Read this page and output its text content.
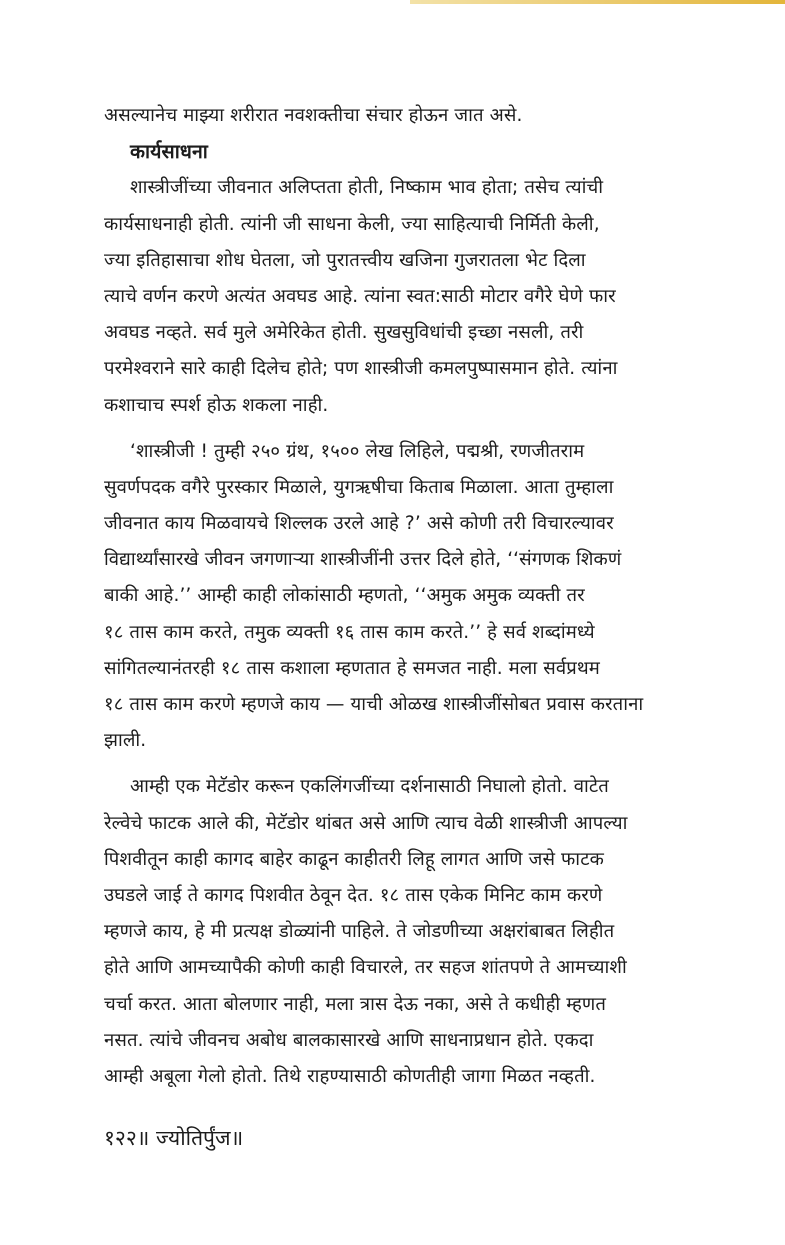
असल्यानेच माझ्या शरीरात नवशक्तीचा संचार होऊन जात असे.
कार्यसाधना
शास्त्रीजींच्या जीवनात अलिप्तता होती, निष्काम भाव होता; तसेच त्यांची
कार्यसाधनाही होती. त्यांनी जी साधना केली, ज्या साहित्याची निर्मिती केली,
ज्या इतिहासाचा शोध घेतला, जो पुरातत्त्वीय खजिना गुजरातला भेट दिला
त्याचे वर्णन करणे अत्यंत अवघड आहे. त्यांना स्वत:साठी मोटार वगैरे घेणे फार
अवघड नव्हते. सर्व मुले अमेरिकेत होती. सुखसुविधांची इच्छा नसली, तरी
परमेश्वराने सारे काही दिलेच होते; पण शास्त्रीजी कमलपुष्पासमान होते. त्यांना
कशाचाच स्पर्श होऊ शकला नाही.
‘शास्त्रीजी ! तुम्ही २५० ग्रंथ, १५०० लेख लिहिले, पद्मश्री, रणजीतराम
सुवर्णपदक वगैरे पुरस्कार मिळाले, युगऋषीचा किताब मिळाला. आता तुम्हाला
जीवनात काय मिळवायचे शिल्लक उरले आहे ?’ असे कोणी तरी विचारल्यावर
विद्यार्थ्यांसारखे जीवन जगणाऱ्या शास्त्रीजींनी उत्तर दिले होते, ‘‘संगणक शिकणं
बाकी आहे.’’ आम्ही काही लोकांसाठी म्हणतो, ‘‘अमुक अमुक व्यक्ती तर
१८ तास काम करते, तमुक व्यक्ती १६ तास काम करते.’’ हे सर्व शब्दांमध्ये
सांगितल्यानंतरही १८ तास कशाला म्हणतात हे समजत नाही. मला सर्वप्रथम
१८ तास काम करणे म्हणजे काय — याची ओळख शास्त्रीजींसोबत प्रवास करताना
झाली.
आम्ही एक मेटॅडोर करून एकलिंगजींच्या दर्शनासाठी निघालो होतो. वाटेत
रेल्वेचे फाटक आले की, मेटॅडोर थांबत असे आणि त्याच वेळी शास्त्रीजी आपल्या
पिशवीतून काही कागद बाहेर काढून काहीतरी लिहू लागत आणि जसे फाटक
उघडले जाई ते कागद पिशवीत ठेवून देत. १८ तास एकेक मिनिट काम करणे
म्हणजे काय, हे मी प्रत्यक्ष डोळ्यांनी पाहिले. ते जोडणीच्या अक्षरांबाबत लिहीत
होते आणि आमच्यापैकी कोणी काही विचारले, तर सहज शांतपणे ते आमच्याशी
चर्चा करत. आता बोलणार नाही, मला त्रास देऊ नका, असे ते कधीही म्हणत
नसत. त्यांचे जीवनच अबोध बालकासारखे आणि साधनाप्रधान होते. एकदा
आम्ही अबूला गेलो होतो. तिथे राहण्यासाठी कोणतीही जागा मिळत नव्हती.
१२२॥ ज्योतिर्पुंज॥
